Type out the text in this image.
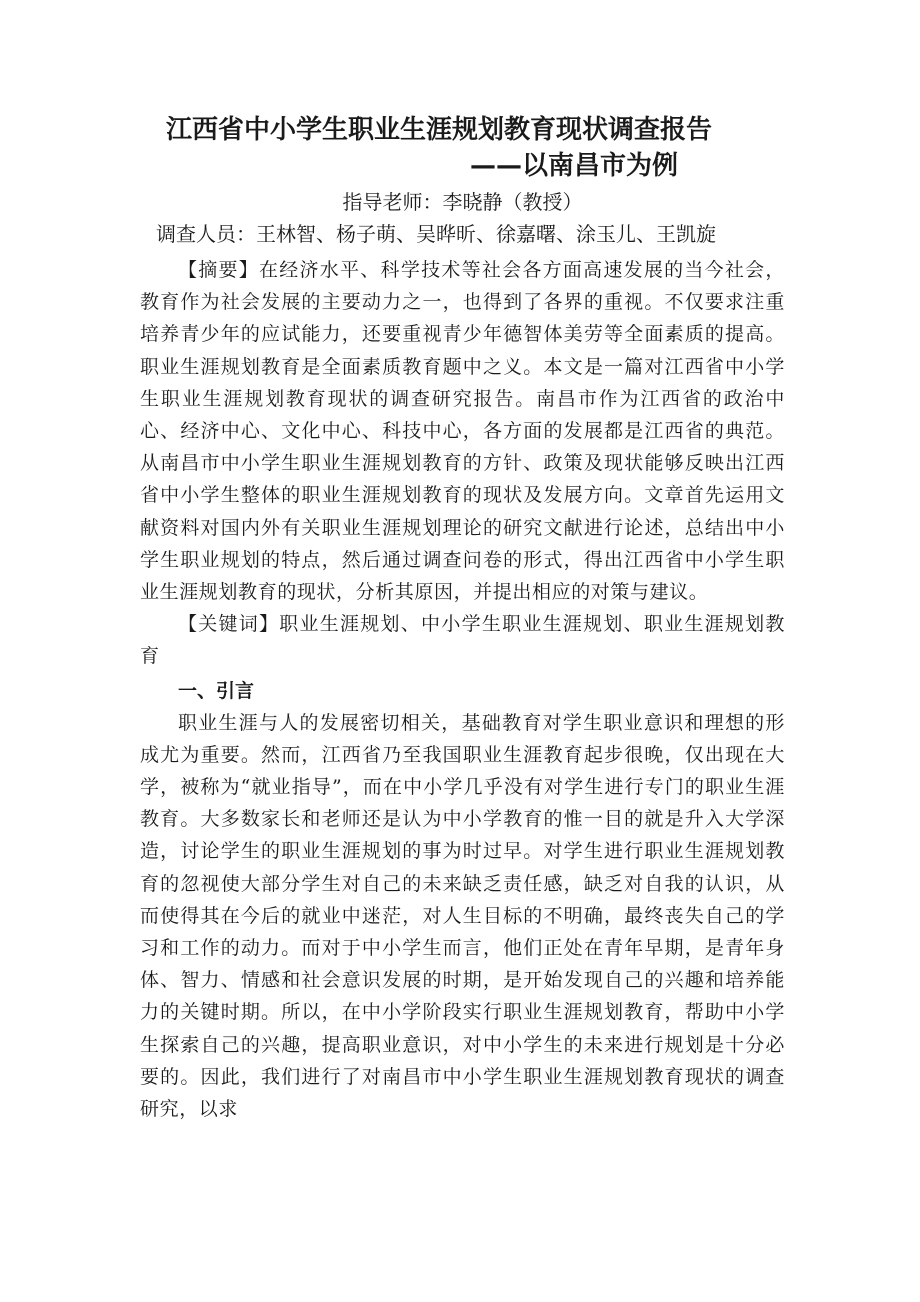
江西省中小学生职业生涯规划教育现状调查报告
——以南昌市为例

指导老师：李晓静（教授）

调查人员：王林智、杨子萌、吴晔昕、徐嘉曙、涂玉儿、王凯旋

【摘要】在经济水平、科学技术等社会各方面高速发展的当今社会，教育作为社会发展的主要动力之一，也得到了各界的重视。不仅要求注重培养青少年的应试能力，还要重视青少年德智体美劳等全面素质的提高。职业生涯规划教育是全面素质教育题中之义。本文是一篇对江西省中小学生职业生涯规划教育现状的调查研究报告。南昌市作为江西省的政治中心、经济中心、文化中心、科技中心，各方面的发展都是江西省的典范。从南昌市中小学生职业生涯规划教育的方针、政策及现状能够反映出江西省中小学生整体的职业生涯规划教育的现状及发展方向。文章首先运用文献资料对国内外有关职业生涯规划理论的研究文献进行论述，总结出中小学生职业规划的特点，然后通过调查问卷的形式，得出江西省中小学生职业生涯规划教育的现状，分析其原因，并提出相应的对策与建议。

【关键词】职业生涯规划、中小学生职业生涯规划、职业生涯规划教育

一、引言

职业生涯与人的发展密切相关，基础教育对学生职业意识和理想的形成尤为重要。然而，江西省乃至我国职业生涯教育起步很晚，仅出现在大学，被称为“就业指导”，而在中小学几乎没有对学生进行专门的职业生涯教育。大多数家长和老师还是认为中小学教育的惟一目的就是升入大学深造，讨论学生的职业生涯规划的事为时过早。对学生进行职业生涯规划教育的忽视使大部分学生对自己的未来缺乏责任感，缺乏对自我的认识，从而使得其在今后的就业中迷茫，对人生目标的不明确，最终丧失自己的学习和工作的动力。而对于中小学生而言，他们正处在青年早期，是青年身体、智力、情感和社会意识发展的时期，是开始发现自己的兴趣和培养能力的关键时期。所以，在中小学阶段实行职业生涯规划教育，帮助中小学生探索自己的兴趣，提高职业意识，对中小学生的未来进行规划是十分必要的。因此，我们进行了对南昌市中小学生职业生涯规划教育现状的调查研究，以求
